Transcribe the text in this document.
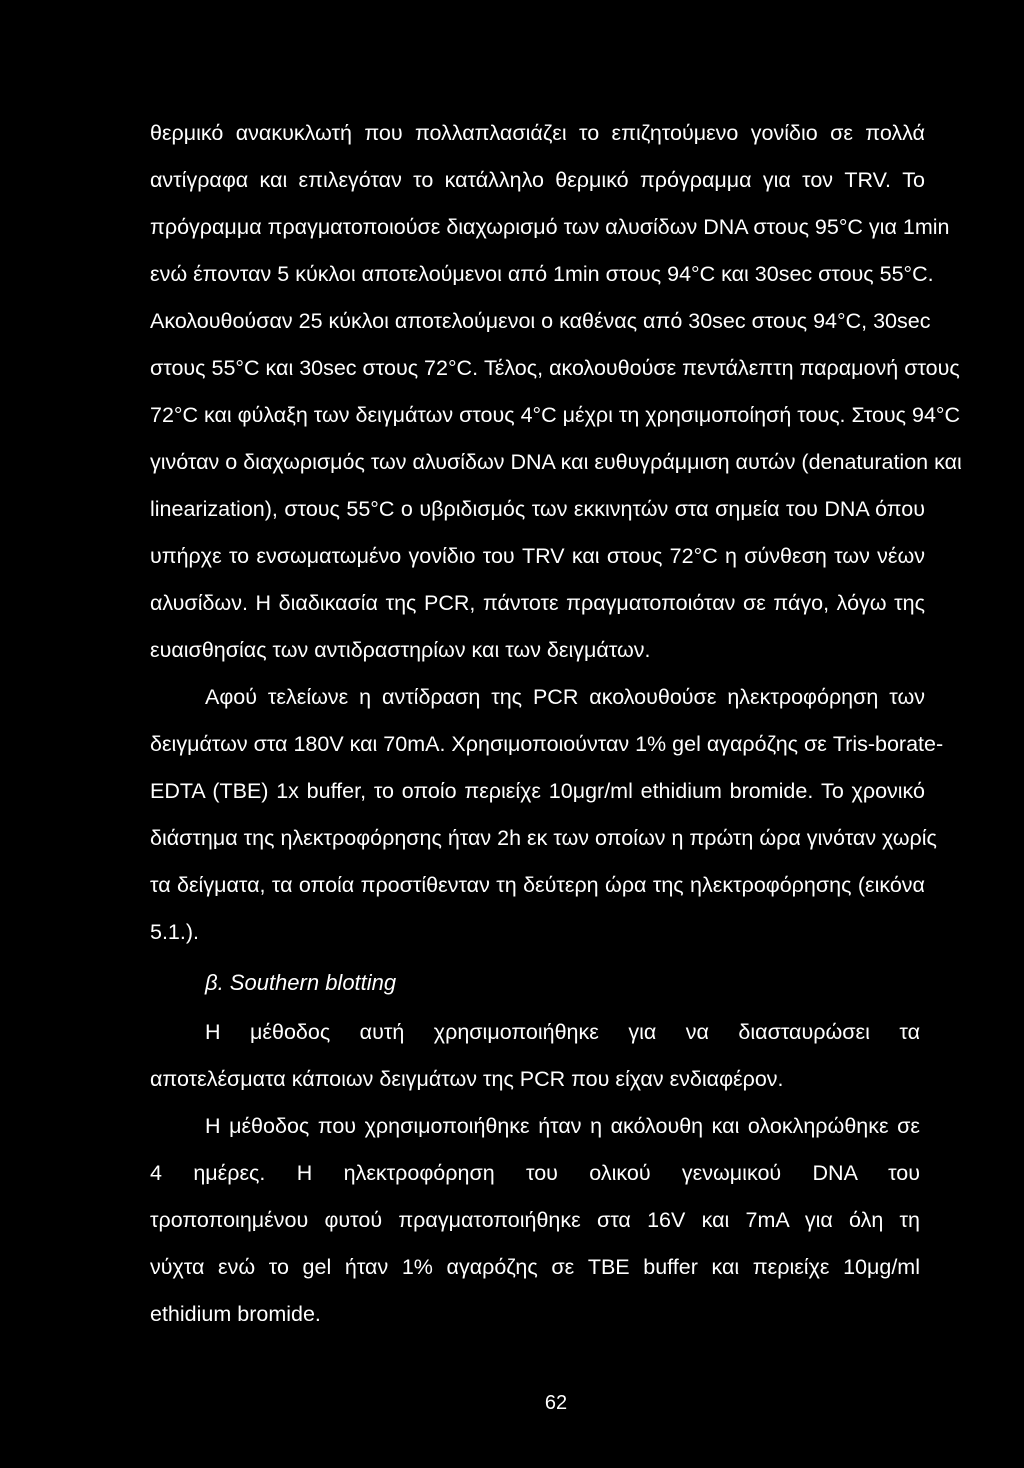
θερμικό ανακυκλωτή που πολλαπλασιάζει το επιζητούμενο γονίδιο σε πολλά
αντίγραφα και επιλεγόταν το κατάλληλο θερμικό πρόγραμμα για τον TRV. Το
πρόγραμμα πραγματοποιούσε διαχωρισμό των αλυσίδων DNA στους 95°C για 1min
ενώ έπονταν 5 κύκλοι αποτελούμενοι από 1min στους 94°C και 30sec στους 55°C.
Ακολουθούσαν 25 κύκλοι αποτελούμενοι ο καθένας από 30sec στους 94°C, 30sec
στους 55°C και 30sec στους 72°C. Τέλος, ακολουθούσε πεντάλεπτη παραμονή στους
72°C και φύλαξη των δειγμάτων στους 4°C μέχρι τη χρησιμοποίησή τους. Στους 94°C
γινόταν ο διαχωρισμός των αλυσίδων DNA και ευθυγράμμιση αυτών (denaturation και
linearization), στους 55°C ο υβριδισμός των εκκινητών στα σημεία του DNA όπου
υπήρχε το ενσωματωμένο γονίδιο του TRV και στους 72°C η σύνθεση των νέων
αλυσίδων. Η διαδικασία της PCR, πάντοτε πραγματοποιόταν σε πάγο, λόγω της
ευαισθησίας των αντιδραστηρίων και των δειγμάτων.
Αφού τελείωνε η αντίδραση της PCR ακολουθούσε ηλεκτροφόρηση των
δειγμάτων στα 180V και 70mA. Χρησιμοποιούνταν 1% gel αγαρόζης σε Tris-borate-
EDTA (TBE) 1x buffer, το οποίο περιείχε 10μgr/ml ethidium bromide. Το χρονικό
διάστημα της ηλεκτροφόρησης ήταν 2h εκ των οποίων η πρώτη ώρα γινόταν χωρίς
τα δείγματα, τα οποία προστίθενταν τη δεύτερη ώρα της ηλεκτροφόρησης (εικόνα
5.1.).
β. Southern blotting
Η μέθοδος αυτή χρησιμοποιήθηκε για να διασταυρώσει τα
αποτελέσματα κάποιων δειγμάτων της PCR που είχαν ενδιαφέρον.
Η μέθοδος που χρησιμοποιήθηκε ήταν η ακόλουθη και ολοκληρώθηκε σε
4 ημέρες. Η ηλεκτροφόρηση του ολικού γενωμικού DNA του
τροποποιημένου φυτού πραγματοποιήθηκε στα 16V και 7mA για όλη τη
νύχτα ενώ το gel ήταν 1% αγαρόζης σε TBE buffer και περιείχε 10μg/ml
ethidium bromide.
62
